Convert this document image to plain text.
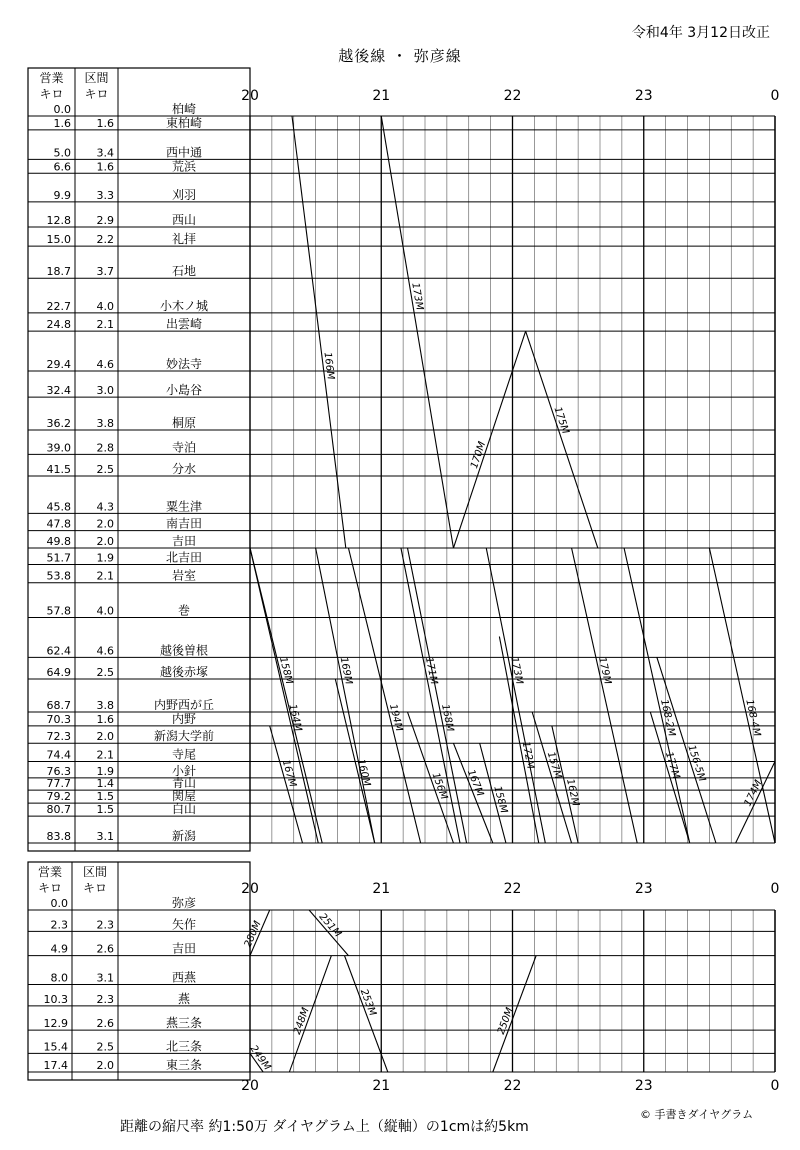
令和4年 3月12日改正
越後線 ・ 弥彦線
営業
キロ
区間
キロ	20	21	22	23	0
0.0	柏崎
1.6 1.6	東柏崎
5.0 3.4	西中通
6.6 1.6	荒浜
9.9 3.3	刈羽
12.8 2.9	西山
15.0 2.2	礼拝
18.7 3.7	石地
22.7 4.0	小木ノ城
24.8 2.1	出雲崎
29.4 4.6	妙法寺
32.4 3.0	小島谷
36.2 3.8	桐原
39.0 2.8	寺泊
41.5 2.5	分水
45.8 4.3	粟生津
47.8 2.0	南吉田
49.8 2.0	吉田
51.7 1.9	北吉田
53.8 2.1	岩室
57.8 4.0	巻
62.4 4.6	越後曽根
64.9 2.5	越後赤塚
68.7 3.8	内野西が丘
70.3 1.6	内野
72.3 2.0	新潟大学前
74.4 2.1	寺尾
76.3 1.9	小針
77.7 1.4	青山
79.2 1.5	関屋
80.7 1.5	白山
83.8 3.1	新潟
166M
173M
170M
175M
164M
169M
194M
171M
168M
173M
172M
179M
168-2M	168-4M
158M
167M	160M	156M 167M
158M
157M
162M
177M 156-5M
174M
営業
キロ
区間
キロ	20
20
21
21
22
22
23
23
0
0
0.0	弥彦
2.3	2.3	矢作
4.9	2.6	吉田
8.0	3.1	西燕
10.3	2.3	燕
12.9	2.6	燕三条
15.4	2.5	北三条
17.4	2.0	東三条
280M	251M
248M
249M
253M
250M
距離の縮尺率 約1:50万 ダイヤグラム上（縦軸）の1cmは約5km
© 手書きダイヤグラム
